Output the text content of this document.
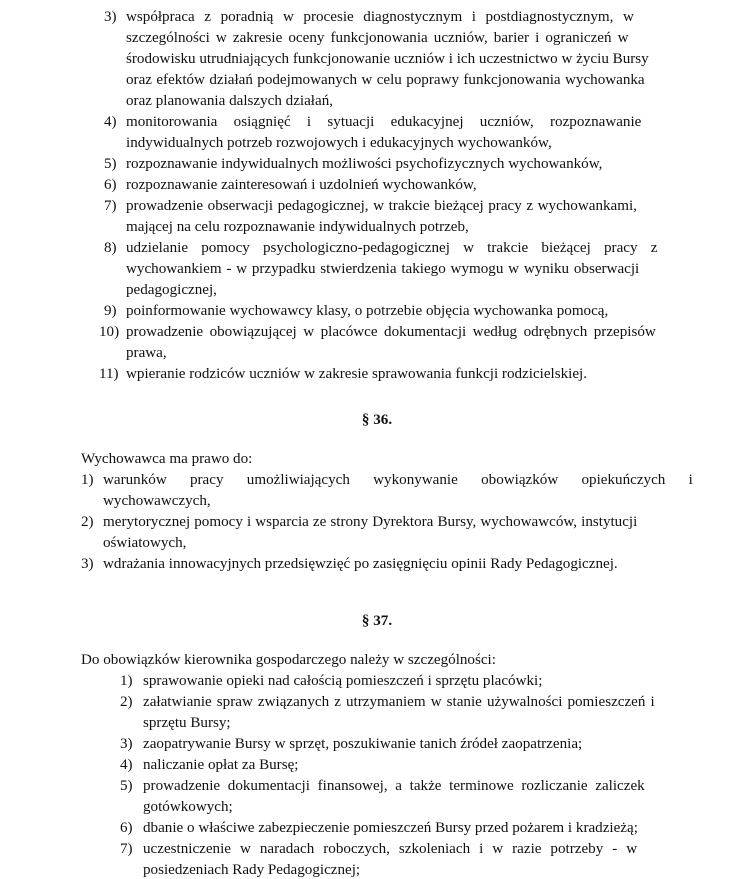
3) współpraca z poradnią w procesie diagnostycznym i postdiagnostycznym, w
szczególności w zakresie oceny funkcjonowania uczniów, barier i ograniczeń w
środowisku utrudniających funkcjonowanie uczniów i ich uczestnictwo w życiu Bursy
oraz efektów działań podejmowanych w celu poprawy funkcjonowania wychowanka
oraz planowania dalszych działań,
4) monitorowania osiągnięć i sytuacji edukacyjnej uczniów, rozpoznawanie
indywidualnych potrzeb rozwojowych i edukacyjnych wychowanków,
5) rozpoznawanie indywidualnych możliwości psychofizycznych wychowanków,
6) rozpoznawanie zainteresowań i uzdolnień wychowanków,
7) prowadzenie obserwacji pedagogicznej, w trakcie bieżącej pracy z wychowankami,
mającej na celu rozpoznawanie indywidualnych potrzeb,
8) udzielanie pomocy psychologiczno-pedagogicznej w trakcie bieżącej pracy z
wychowankiem - w przypadku stwierdzenia takiego wymogu w wyniku obserwacji
pedagogicznej,
9) poinformowanie wychowawcy klasy, o potrzebie objęcia wychowanka pomocą,
10) prowadzenie obowiązującej w placówce dokumentacji według odrębnych przepisów
prawa,
11) wpieranie rodziców uczniów w zakresie sprawowania funkcji rodzicielskiej.
§ 36.
Wychowawca ma prawo do:
1) warunków pracy umożliwiających wykonywanie obowiązków opiekuńczych i
wychowawczych,
2) merytorycznej pomocy i wsparcia ze strony Dyrektora Bursy, wychowawców, instytucji
oświatowych,
3) wdrażania innowacyjnych przedsięwzięć po zasięgnięciu opinii Rady Pedagogicznej.
§ 37.
Do obowiązków kierownika gospodarczego należy w szczególności:
1) sprawowanie opieki nad całością pomieszczeń i sprzętu placówki;
2) załatwianie spraw związanych z utrzymaniem w stanie używalności pomieszczeń i
sprzętu Bursy;
3) zaopatrywanie Bursy w sprzęt, poszukiwanie tanich źródeł zaopatrzenia;
4) naliczanie opłat za Bursę;
5) prowadzenie dokumentacji finansowej, a także terminowe rozliczanie zaliczek
gotówkowych;
6) dbanie o właściwe zabezpieczenie pomieszczeń Bursy przed pożarem i kradzieżą;
7) uczestniczenie w naradach roboczych, szkoleniach i w razie potrzeby - w
posiedzeniach Rady Pedagogicznej;
